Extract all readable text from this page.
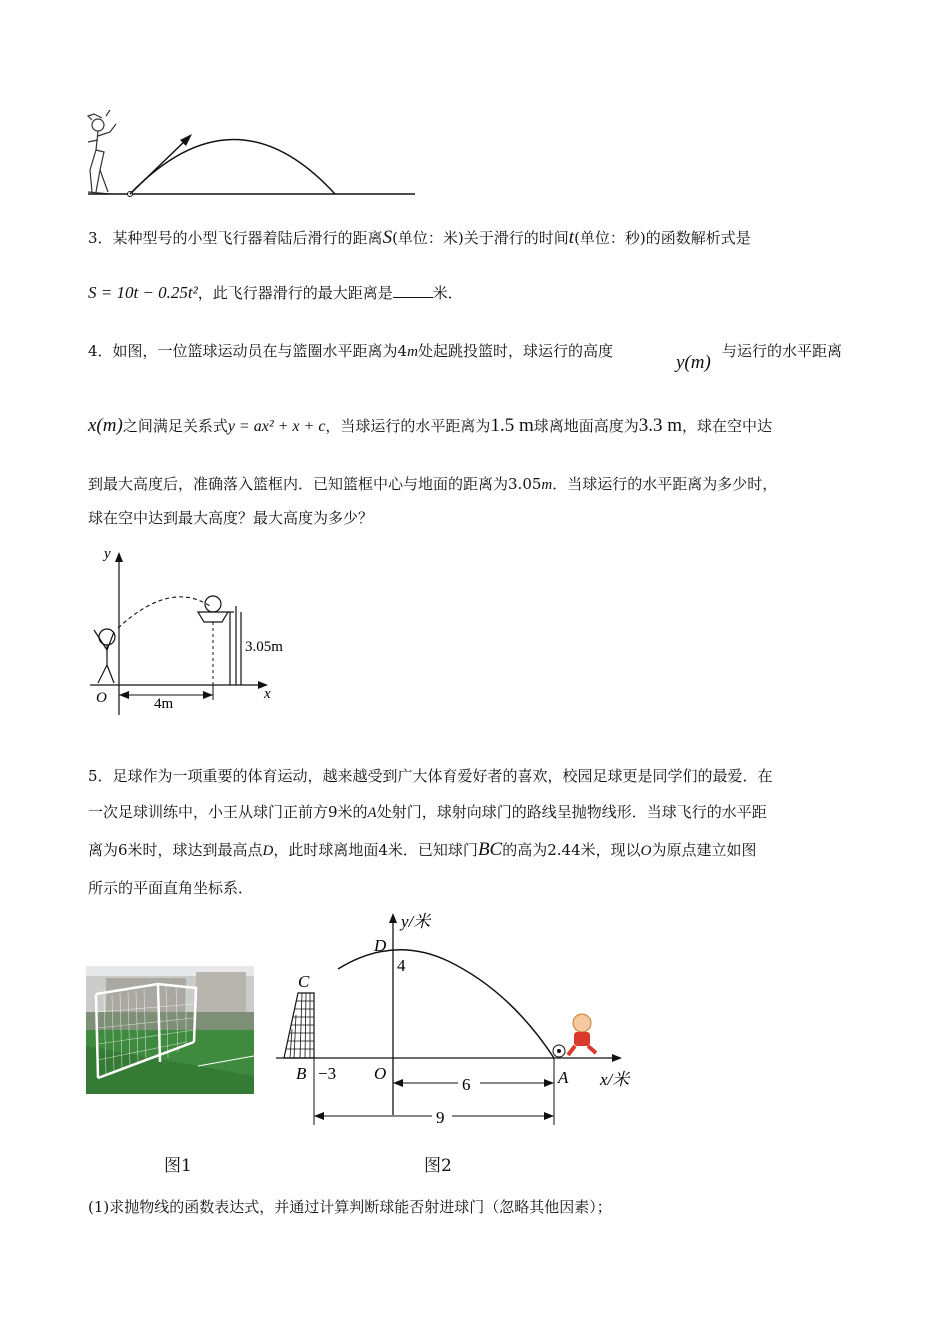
3．某种型号的小型飞行器着陆后滑行的距离S(单位：米)关于滑行的时间t(单位：秒)的函数解析式是
S = 10t − 0.25t²，此飞行器滑行的最大距离是	米．
4．如图，一位篮球运动员在与篮圈水平距离为4m处起跳投篮时，球运行的高度
y(m)
与运行的水平距离
x(m)之间满足关系式y = ax² + x + c，当球运行的水平距离为1.5 m球离地面高度为3.3 m，球在空中达
到最大高度后，准确落入篮框内．已知篮框中心与地面的距离为3.05m．当球运行的水平距离为多少时，
球在空中达到最大高度？最大高度为多少？
y
x
O
3.05m
4m
5．足球作为一项重要的体育运动，越来越受到广大体育爱好者的喜欢，校园足球更是同学们的最爱．在
一次足球训练中，小王从球门正前方9米的A处射门，球射向球门的路线呈抛物线形．当球飞行的水平距
离为6米时，球达到最高点D，此时球离地面4米．已知球门BC的高为2.44米，现以O为原点建立如图
所示的平面直角坐标系．
y/米
x/米
D
4
C
B −3 O	A
6
9
图1	图2
(1)求抛物线的函数表达式，并通过计算判断球能否射进球门（忽略其他因素）；
